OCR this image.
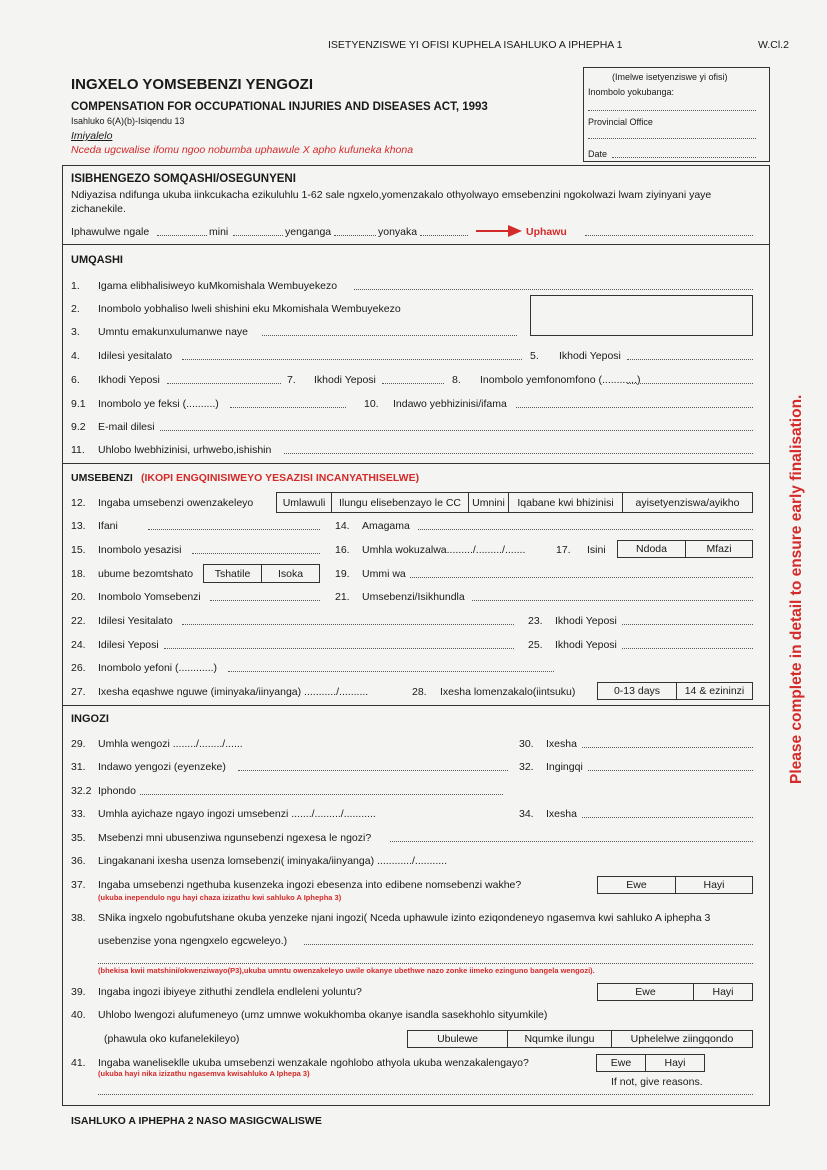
ISETYENZISWE YI OFISI KUPHELA ISAHLUKO A IPHEPHA 1	W.Cl.2
INGXELO YOMSEBENZI YENGOZI
COMPENSATION FOR OCCUPATIONAL INJURIES AND DISEASES ACT, 1993
Isahluko 6(A)(b)-Isiqendu 13
Imiyalelo
Nceda ugcwalise ifomu ngoo nobumba uphawule X apho kufuneka khona
(Imelwe isetyenziswe yi ofisi)
Inombolo yokubanga:
Provincial Office
Date
Please complete in detail to ensure early finalisation.
ISIBHENGEZO SOMQASHI/OSEGUNYENI
Ndiyazisa ndifunga ukuba iinkcukacha ezikuluhlu 1-62 sale ngxelo,yomenzakalo othyolwayo emsebenzini ngokolwazi lwam ziyinyani yaye
zichanekile.
Iphawulwe ngale	mini	yenganga	yonyaka	Uphawu
UMQASHI
1. Igama elibhalisiweyo kuMkomishala Wembuyekezo
2. Inombolo yobhaliso lweli shishini eku Mkomishala Wembuyekezo
3. Umntu emakunxulumanwe naye
4. Idilesi yesitalato	5. Ikhodi Yeposi
6. Ikhodi Yeposi	7. Ikhodi Yeposi	8. Inombolo yemfonomfono (............)
9.1 Inombolo ye feksi (..........)	10. Indawo yebhizinisi/ifama
9.2 E-mail dilesi
11. Uhlobo lwebhizinisi, urhwebo,ishishin
UMSEBENZI (IKOPI ENGQINISIWEYO YESAZISI INCANYATHISELWE)
12. Ingaba umsebenzi owenzakeleyo	Umlawuli	Ilungu elisebenzayo le CC	Umnini	Iqabane kwi bhizinisi	ayisetyenziswa/ayikho
13. Ifani	14. Amagama
15. Inombolo yesazisi	16. Umhla wokuzalwa........./........./.......	17. Isini	Ndoda	Mfazi
18. ubume bezomtshato	Tshatile	Isoka	19. Ummi wa
20. Inombolo Yomsebenzi	21. Umsebenzi/Isikhundla
22. Idilesi Yesitalato	23. Ikhodi Yeposi
24. Idilesi Yeposi	25. Ikhodi Yeposi
26. Inombolo yefoni (............)
27. Ixesha eqashwe nguwe (iminyaka/iinyanga) .........../..........	28. Ixesha lomenzakalo(iintsuku)	0-13 days	14 & ezininzi
INGOZI
29. Umhla wengozi ......../......../......	30. Ixesha
31. Indawo yengozi (eyenzeke)	32. Ingingqi
32.2 Iphondo
33. Umhla ayichaze ngayo ingozi umsebenzi ......./........./...........	34. Ixesha
35. Msebenzi mni ubusenziwa ngunsebenzi ngexesa le ngozi?
36. Lingakanani ixesha usenza lomsebenzi( iminyaka/iinyanga) ............/...........
37. Ingaba umsebenzi ngethuba kusenzeka ingozi ebesenza into edibene nomsebenzi wakhe?
(ukuba inependulo ngu hayi chaza izizathu kwi sahluko A Iphepha 3)
Ewe	Hayi
38. SNika ingxelo ngobufutshane okuba yenzeke njani ingozi( Nceda uphawule izinto eziqondeneyo ngasemva kwi sahluko A iphepha 3
usebenzise yona ngengxelo egcweleyo.)
(bhekisa kwii matshini/okwenziwayo(P3),ukuba umntu owenzakeleyo uwile okanye ubethwe nazo zonke iimeko ezinguno bangela wengozi).
39. Ingaba ingozi ibiyeye zithuthi zendlela endleleni yoluntu?	Ewe	Hayi
40. Uhlobo lwengozi alufumeneyo (umz umnwe wokukhomba okanye isandla sasekhohlo sityumkile)
(phawula oko kufanelekileyo)	Ubulewe	Nqumke ilungu	Uphelelwe ziingqondo
41. Ingaba waneliseklle ukuba umsebenzi wenzakale ngohlobo athyola ukuba wenzakalengayo?
(ukuba hayi nika izizathu ngasemva kwisahluko A Iphepa 3)
Ewe	Hayi
If not, give reasons.
ISAHLUKO A IPHEPHA 2 NASO MASIGCWALISWE
